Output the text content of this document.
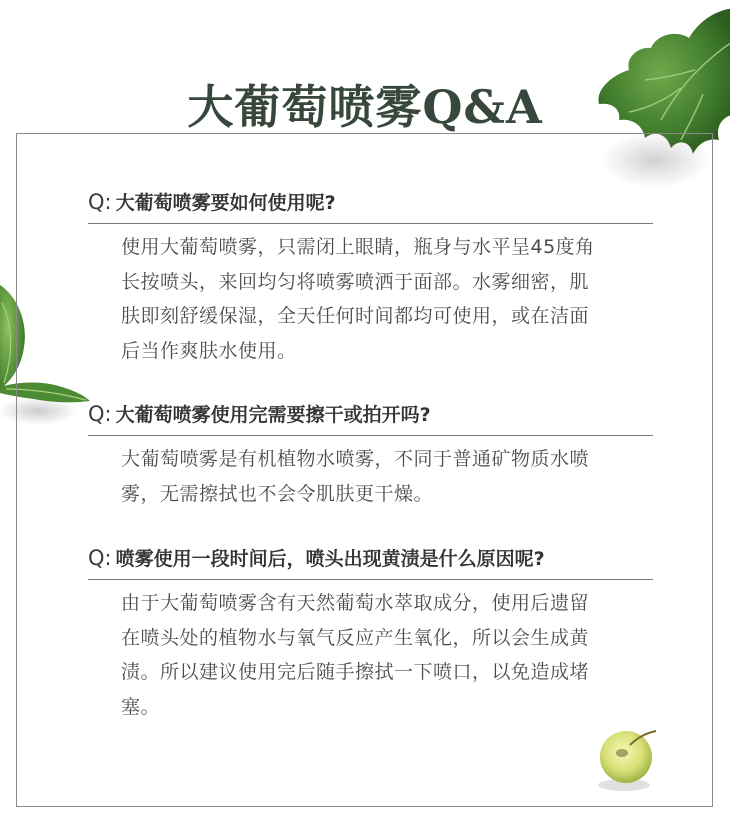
大葡萄喷雾Q&A
Q: 大葡萄喷雾要如何使用呢?

使用大葡萄喷雾，只需闭上眼睛，瓶身与水平呈45度角
长按喷头，来回均匀将喷雾喷洒于面部。水雾细密，肌
肤即刻舒缓保湿，全天任何时间都均可使用，或在洁面
后当作爽肤水使用。

Q: 大葡萄喷雾使用完需要擦干或拍开吗?

大葡萄喷雾是有机植物水喷雾，不同于普通矿物质水喷
雾，无需擦拭也不会令肌肤更干燥。

Q: 喷雾使用一段时间后，喷头出现黄渍是什么原因呢?

由于大葡萄喷雾含有天然葡萄水萃取成分，使用后遗留
在喷头处的植物水与氧气反应产生氧化，所以会生成黄
渍。所以建议使用完后随手擦拭一下喷口，以免造成堵
塞。
